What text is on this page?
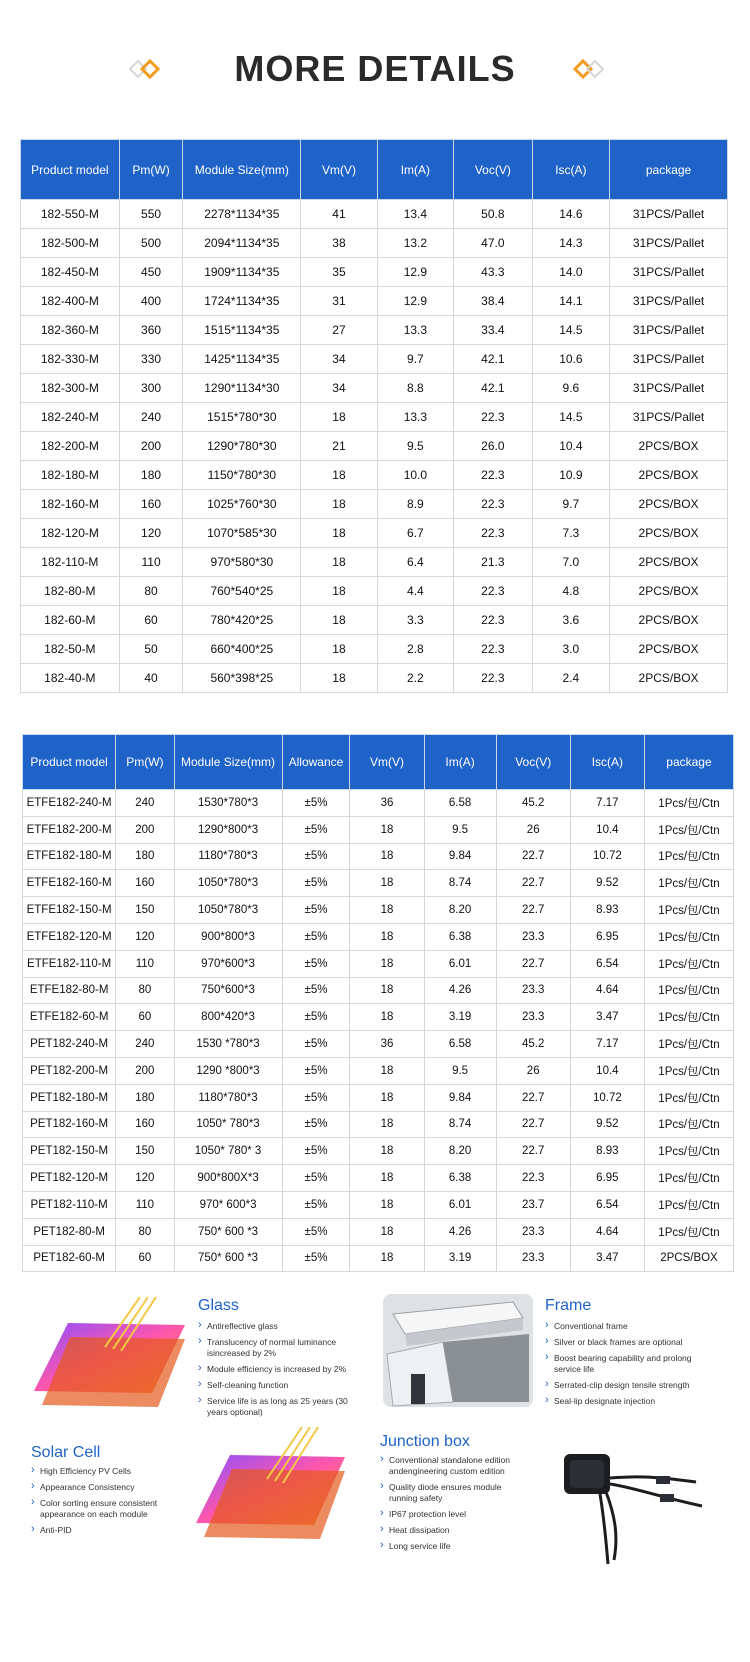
MORE DETAILS
Product model	Pm(W)	Module Size(mm)	Vm(V)	Im(A)	Voc(V)	Isc(A)	package
182-550-M	550	2278*1134*35	41	13.4	50.8	14.6	31PCS/Pallet
182-500-M	500	2094*1134*35	38	13.2	47.0	14.3	31PCS/Pallet
182-450-M	450	1909*1134*35	35	12.9	43.3	14.0	31PCS/Pallet
182-400-M	400	1724*1134*35	31	12.9	38.4	14.1	31PCS/Pallet
182-360-M	360	1515*1134*35	27	13.3	33.4	14.5	31PCS/Pallet
182-330-M	330	1425*1134*35	34	9.7	42.1	10.6	31PCS/Pallet
182-300-M	300	1290*1134*30	34	8.8	42.1	9.6	31PCS/Pallet
182-240-M	240	1515*780*30	18	13.3	22.3	14.5	31PCS/Pallet
182-200-M	200	1290*780*30	21	9.5	26.0	10.4	2PCS/BOX
182-180-M	180	1150*780*30	18	10.0	22.3	10.9	2PCS/BOX
182-160-M	160	1025*760*30	18	8.9	22.3	9.7	2PCS/BOX
182-120-M	120	1070*585*30	18	6.7	22.3	7.3	2PCS/BOX
182-110-M	110	970*580*30	18	6.4	21.3	7.0	2PCS/BOX
182-80-M	80	760*540*25	18	4.4	22.3	4.8	2PCS/BOX
182-60-M	60	780*420*25	18	3.3	22.3	3.6	2PCS/BOX
182-50-M	50	660*400*25	18	2.8	22.3	3.0	2PCS/BOX
182-40-M	40	560*398*25	18	2.2	22.3	2.4	2PCS/BOX
Product model	Pm(W)	Module Size(mm)	Allowance	Vm(V)	Im(A)	Voc(V)	Isc(A)	package
ETFE182-240-M	240	1530*780*3	±5%	36	6.58	45.2	7.17	1Pcs/包/Ctn
ETFE182-200-M	200	1290*800*3	±5%	18	9.5	26	10.4	1Pcs/包/Ctn
ETFE182-180-M	180	1180*780*3	±5%	18	9.84	22.7	10.72	1Pcs/包/Ctn
ETFE182-160-M	160	1050*780*3	±5%	18	8.74	22.7	9.52	1Pcs/包/Ctn
ETFE182-150-M	150	1050*780*3	±5%	18	8.20	22.7	8.93	1Pcs/包/Ctn
ETFE182-120-M	120	900*800*3	±5%	18	6.38	23.3	6.95	1Pcs/包/Ctn
ETFE182-110-M	110	970*600*3	±5%	18	6.01	22.7	6.54	1Pcs/包/Ctn
ETFE182-80-M	80	750*600*3	±5%	18	4.26	23.3	4.64	1Pcs/包/Ctn
ETFE182-60-M	60	800*420*3	±5%	18	3.19	23.3	3.47	1Pcs/包/Ctn
PET182-240-M	240	1530 *780*3	±5%	36	6.58	45.2	7.17	1Pcs/包/Ctn
PET182-200-M	200	1290 *800*3	±5%	18	9.5	26	10.4	1Pcs/包/Ctn
PET182-180-M	180	1180*780*3	±5%	18	9.84	22.7	10.72	1Pcs/包/Ctn
PET182-160-M	160	1050* 780*3	±5%	18	8.74	22.7	9.52	1Pcs/包/Ctn
PET182-150-M	150	1050* 780* 3	±5%	18	8.20	22.7	8.93	1Pcs/包/Ctn
PET182-120-M	120	900*800X*3	±5%	18	6.38	22.3	6.95	1Pcs/包/Ctn
PET182-110-M	110	970* 600*3	±5%	18	6.01	23.7	6.54	1Pcs/包/Ctn
PET182-80-M	80	750* 600 *3	±5%	18	4.26	23.3	4.64	1Pcs/包/Ctn
PET182-60-M	60	750* 600 *3	±5%	18	3.19	23.3	3.47	2PCS/BOX
Glass
› Antireflective glass
› Translucency of normal luminance isincreased by 2%
› Module efficiency is increased by 2%
› Self-cleaning function
› Service life is as long as 25 years (30 years optional)
Frame
› Conventional frame
› Silver or black frames are optional
› Boost bearing capability and prolong service life
› Serrated-clip design tensile strength
› Seal-lip designate injection
Solar Cell
› High Efficiency PV Cells
› Appearance Consistency
› Color sorting ensure consistent appearance on each module
› Anti-PID
Junction box
› Conventional standalone edition andengineering custom edition
› Quality diode ensures module running safety
› IP67 protection level
› Heat dissipation
› Long service life
